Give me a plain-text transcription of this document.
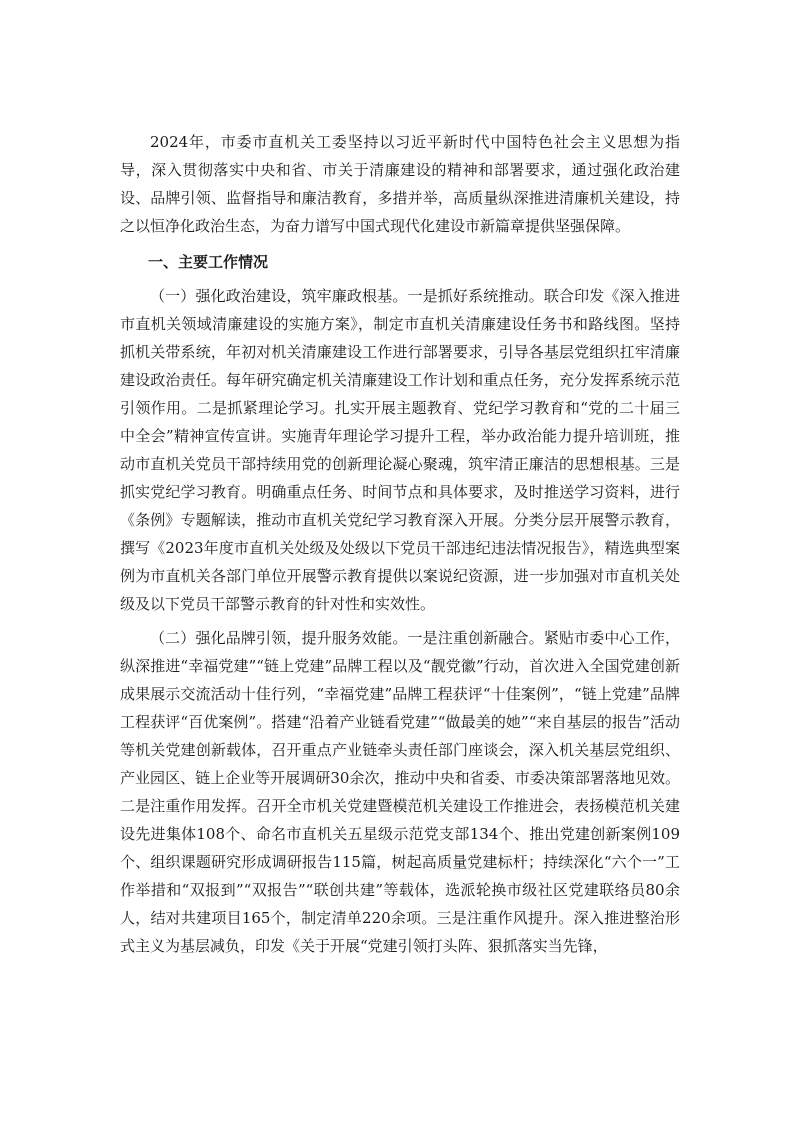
2024年，市委市直机关工委坚持以习近平新时代中国特色社会主义思想为指导，深入贯彻落实中央和省、市关于清廉建设的精神和部署要求，通过强化政治建设、品牌引领、监督指导和廉洁教育，多措并举，高质量纵深推进清廉机关建设，持之以恒净化政治生态，为奋力谱写中国式现代化建设市新篇章提供坚强保障。

一、主要工作情况

（一）强化政治建设，筑牢廉政根基。一是抓好系统推动。联合印发《深入推进市直机关领域清廉建设的实施方案》，制定市直机关清廉建设任务书和路线图。坚持抓机关带系统，年初对机关清廉建设工作进行部署要求，引导各基层党组织扛牢清廉建设政治责任。每年研究确定机关清廉建设工作计划和重点任务，充分发挥系统示范引领作用。二是抓紧理论学习。扎实开展主题教育、党纪学习教育和“党的二十届三中全会”精神宣传宣讲。实施青年理论学习提升工程，举办政治能力提升培训班，推动市直机关党员干部持续用党的创新理论凝心聚魂，筑牢清正廉洁的思想根基。三是抓实党纪学习教育。明确重点任务、时间节点和具体要求，及时推送学习资料，进行《条例》专题解读，推动市直机关党纪学习教育深入开展。分类分层开展警示教育，撰写《2023年度市直机关处级及处级以下党员干部违纪违法情况报告》，精选典型案例为市直机关各部门单位开展警示教育提供以案说纪资源，进一步加强对市直机关处级及以下党员干部警示教育的针对性和实效性。

（二）强化品牌引领，提升服务效能。一是注重创新融合。紧贴市委中心工作，纵深推进“幸福党建”“链上党建”品牌工程以及“靓党徽”行动，首次进入全国党建创新成果展示交流活动十佳行列，“幸福党建”品牌工程获评“十佳案例”，“链上党建”品牌工程获评“百优案例”。搭建“沿着产业链看党建”“做最美的她”“来自基层的报告”活动等机关党建创新载体，召开重点产业链牵头责任部门座谈会，深入机关基层党组织、产业园区、链上企业等开展调研30余次，推动中央和省委、市委决策部署落地见效。二是注重作用发挥。召开全市机关党建暨模范机关建设工作推进会，表扬模范机关建设先进集体108个、命名市直机关五星级示范党支部134个、推出党建创新案例109个、组织课题研究形成调研报告115篇，树起高质量党建标杆；持续深化“六个一”工作举措和“双报到”“双报告”“联创共建”等载体，选派轮换市级社区党建联络员80余人，结对共建项目165个，制定清单220余项。三是注重作风提升。深入推进整治形式主义为基层减负，印发《关于开展“党建引领打头阵、狠抓落实当先锋，
